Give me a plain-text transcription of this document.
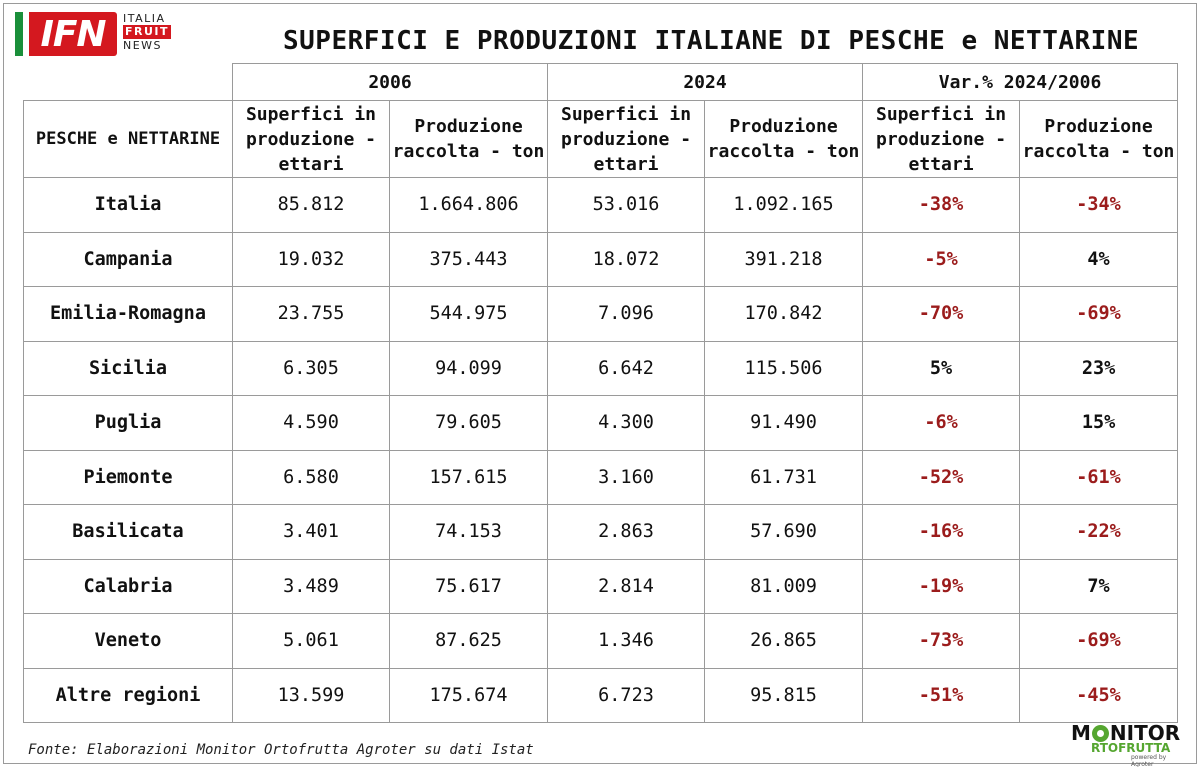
IFN ITALIA
FRUIT
NEWS	SUPERFICI E PRODUZIONI ITALIANE DI PESCHE e NETTARINE
	2006		2024		Var.% 2024/2006	
PESCHE e NETTARINE	Superfici in produzione - ettari	Produzione raccolta - ton	Superfici in produzione - ettari	Produzione raccolta - ton	Superfici in produzione - ettari	Produzione raccolta - ton
Italia	85.812	1.664.806	53.016	1.092.165	-38%	-34%
Campania	19.032	375.443	18.072	391.218	-5%	4%
Emilia-Romagna	23.755	544.975	7.096	170.842	-70%	-69%
Sicilia	6.305	94.099	6.642	115.506	5%	23%
Puglia	4.590	79.605	4.300	91.490	-6%	15%
Piemonte	6.580	157.615	3.160	61.731	-52%	-61%
Basilicata	3.401	74.153	2.863	57.690	-16%	-22%
Calabria	3.489	75.617	2.814	81.009	-19%	7%
Veneto	5.061	87.625	1.346	26.865	-73%	-69%
Altre regioni	13.599	175.674	6.723	95.815	-51%	-45%
Fonte: Elaborazioni Monitor Ortofrutta Agroter su dati Istat
M NITOR
RTOFRUTTA
powered by Agroter
